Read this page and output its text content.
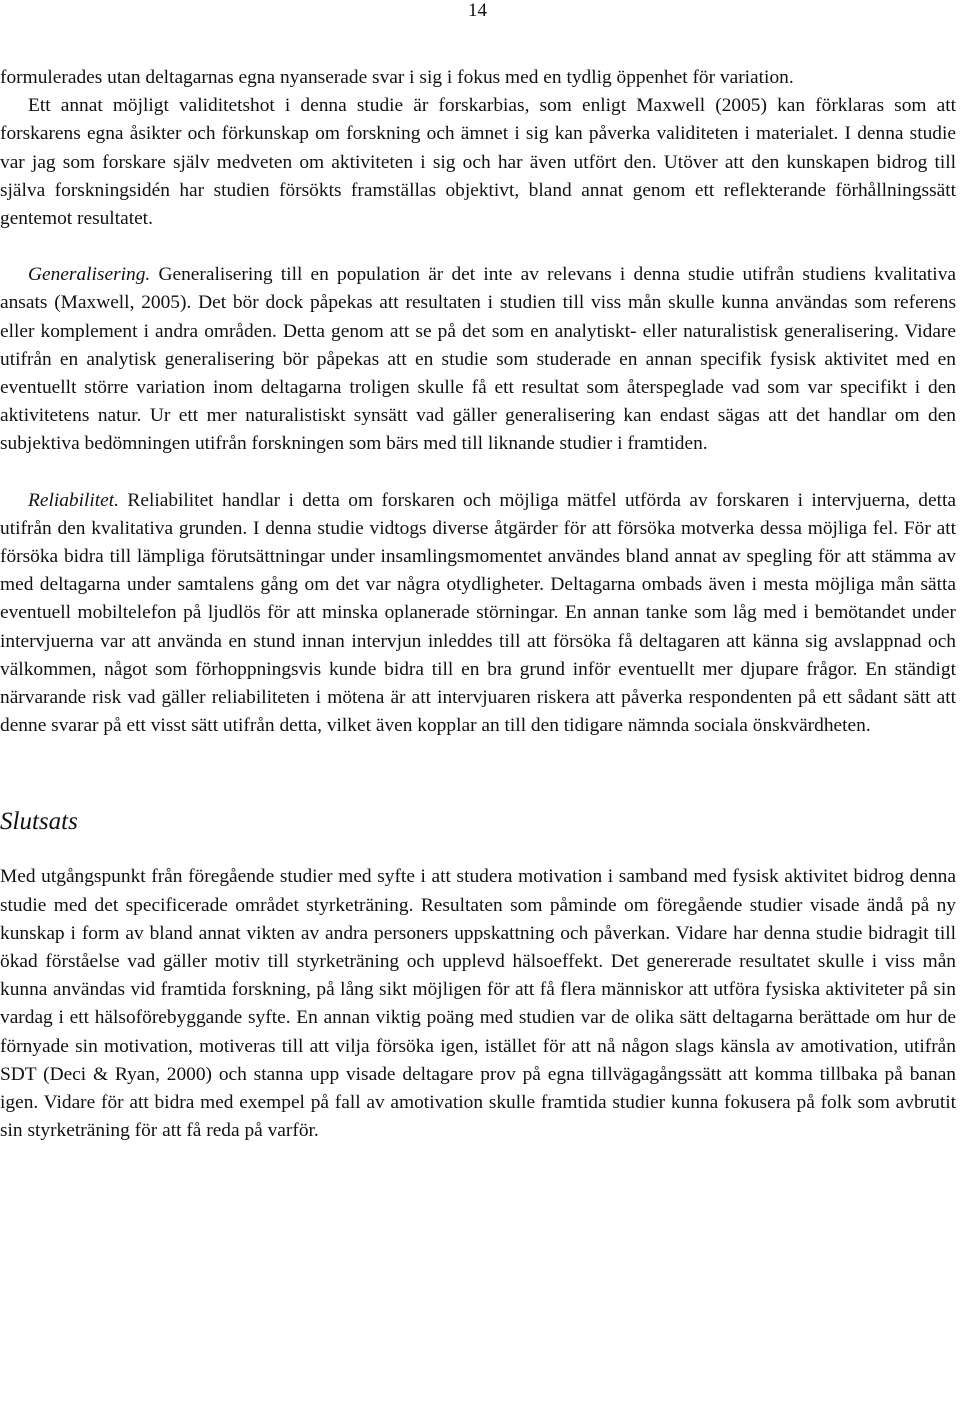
14

formulerades utan deltagarnas egna nyanserade svar i sig i fokus med en tydlig öppenhet för variation.

Ett annat möjligt validitetshot i denna studie är forskarbias, som enligt Maxwell (2005) kan förklaras som att forskarens egna åsikter och förkunskap om forskning och ämnet i sig kan påverka validiteten i materialet. I denna studie var jag som forskare själv medveten om aktiviteten i sig och har även utfört den. Utöver att den kunskapen bidrog till själva forskningsidén har studien försökts framställas objektivt, bland annat genom ett reflekterande förhållningssätt gentemot resultatet.

Generalisering. Generalisering till en population är det inte av relevans i denna studie utifrån studiens kvalitativa ansats (Maxwell, 2005). Det bör dock påpekas att resultaten i studien till viss mån skulle kunna användas som referens eller komplement i andra områden. Detta genom att se på det som en analytiskt- eller naturalistisk generalisering. Vidare utifrån en analytisk generalisering bör påpekas att en studie som studerade en annan specifik fysisk aktivitet med en eventuellt större variation inom deltagarna troligen skulle få ett resultat som återspeglade vad som var specifikt i den aktivitetens natur. Ur ett mer naturalistiskt synsätt vad gäller generalisering kan endast sägas att det handlar om den subjektiva bedömningen utifrån forskningen som bärs med till liknande studier i framtiden.

Reliabilitet. Reliabilitet handlar i detta om forskaren och möjliga mätfel utförda av forskaren i intervjuerna, detta utifrån den kvalitativa grunden. I denna studie vidtogs diverse åtgärder för att försöka motverka dessa möjliga fel. För att försöka bidra till lämpliga förutsättningar under insamlingsmomentet användes bland annat av spegling för att stämma av med deltagarna under samtalens gång om det var några otydligheter. Deltagarna ombads även i mesta möjliga mån sätta eventuell mobiltelefon på ljudlös för att minska oplanerade störningar. En annan tanke som låg med i bemötandet under intervjuerna var att använda en stund innan intervjun inleddes till att försöka få deltagaren att känna sig avslappnad och välkommen, något som förhoppningsvis kunde bidra till en bra grund inför eventuellt mer djupare frågor. En ständigt närvarande risk vad gäller reliabiliteten i mötena är att intervjuaren riskera att påverka respondenten på ett sådant sätt att denne svarar på ett visst sätt utifrån detta, vilket även kopplar an till den tidigare nämnda sociala önskvärdheten.

Slutsats

Med utgångspunkt från föregående studier med syfte i att studera motivation i samband med fysisk aktivitet bidrog denna studie med det specificerade området styrketräning. Resultaten som påminde om föregående studier visade ändå på ny kunskap i form av bland annat vikten av andra personers uppskattning och påverkan. Vidare har denna studie bidragit till ökad förståelse vad gäller motiv till styrketräning och upplevd hälsoeffekt. Det genererade resultatet skulle i viss mån kunna användas vid framtida forskning, på lång sikt möjligen för att få flera människor att utföra fysiska aktiviteter på sin vardag i ett hälsoförebyggande syfte. En annan viktig poäng med studien var de olika sätt deltagarna berättade om hur de förnyade sin motivation, motiveras till att vilja försöka igen, istället för att nå någon slags känsla av amotivation, utifrån SDT (Deci & Ryan, 2000) och stanna upp visade deltagare prov på egna tillvägagångssätt att komma tillbaka på banan igen. Vidare för att bidra med exempel på fall av amotivation skulle framtida studier kunna fokusera på folk som avbrutit sin styrketräning för att få reda på varför.
